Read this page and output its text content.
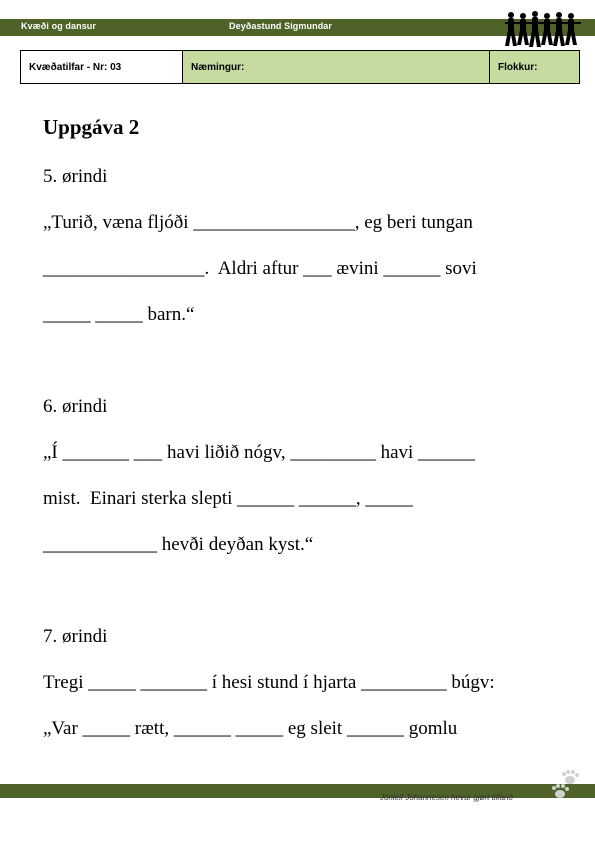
Kvæði og dansur	Deyðastund Sigmundar
Kvæðatilfar - Nr: 03	Næmingur:	Flokkur:
Uppgáva 2
5. ørindi
„Turið, væna fljóði _________________, eg beri tungan
_________________.  Aldri aftur ___ ævini ______ sovi
_____ _____ barn.“
6. ørindi
„Í _______ ___ havi liðið nógv, _________ havi ______
mist.  Einari sterka slepti ______ ______, _____
____________ hevði deyðan kyst.“
7. ørindi
Tregi _____ _______ í hesi stund í hjarta _________ búgv:
„Var _____ rætt, ______ _____ eg sleit ______ gomlu
Jónleif Johannesen hevur gjørt tilfarið
